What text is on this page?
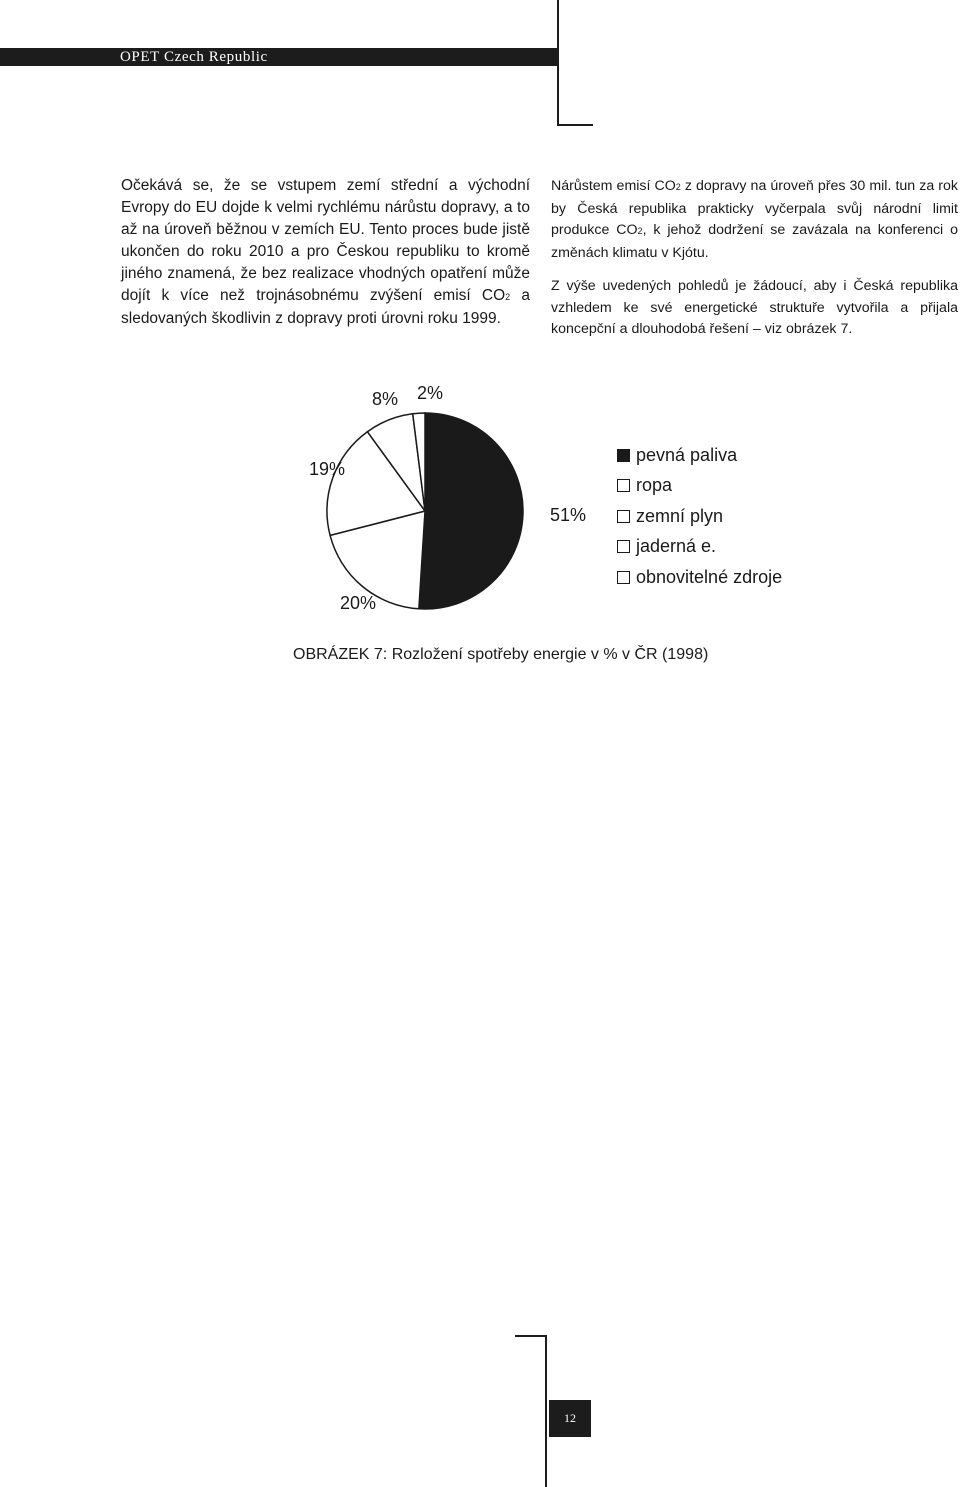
OPET Czech Republic

Očekává se, že se vstupem zemí střední a východní Evropy do EU dojde k velmi rychlému nárůstu dopravy, a to až na úroveň běžnou v zemích EU. Tento proces bude jistě ukončen do roku 2010 a pro Českou republiku to kromě jiného znamená, že bez realizace vhodných opatření může dojít k více než trojnásobnému zvýšení emisí CO2 a sledovaných škodlivin z dopravy proti úrovni roku 1999.

Nárůstem emisí CO2 z dopravy na úroveň přes 30 mil. tun za rok by Česká republika prakticky vyčerpala svůj národní limit produkce CO2, k jehož dodržení se zavázala na konferenci o změnách klimatu v Kjótu.

Z výše uvedených pohledů je žádoucí, aby i Česká republika vzhledem ke své energetické struktuře vytvořila a přijala koncepční a dlouhodobá řešení – viz obrázek 7.

51%
20%
19%
8% 2%
pevná paliva
ropa
zemní plyn
jaderná e.
obnovitelné zdroje
OBRÁZEK 7: Rozložení spotřeby energie v % v ČR (1998)
12
